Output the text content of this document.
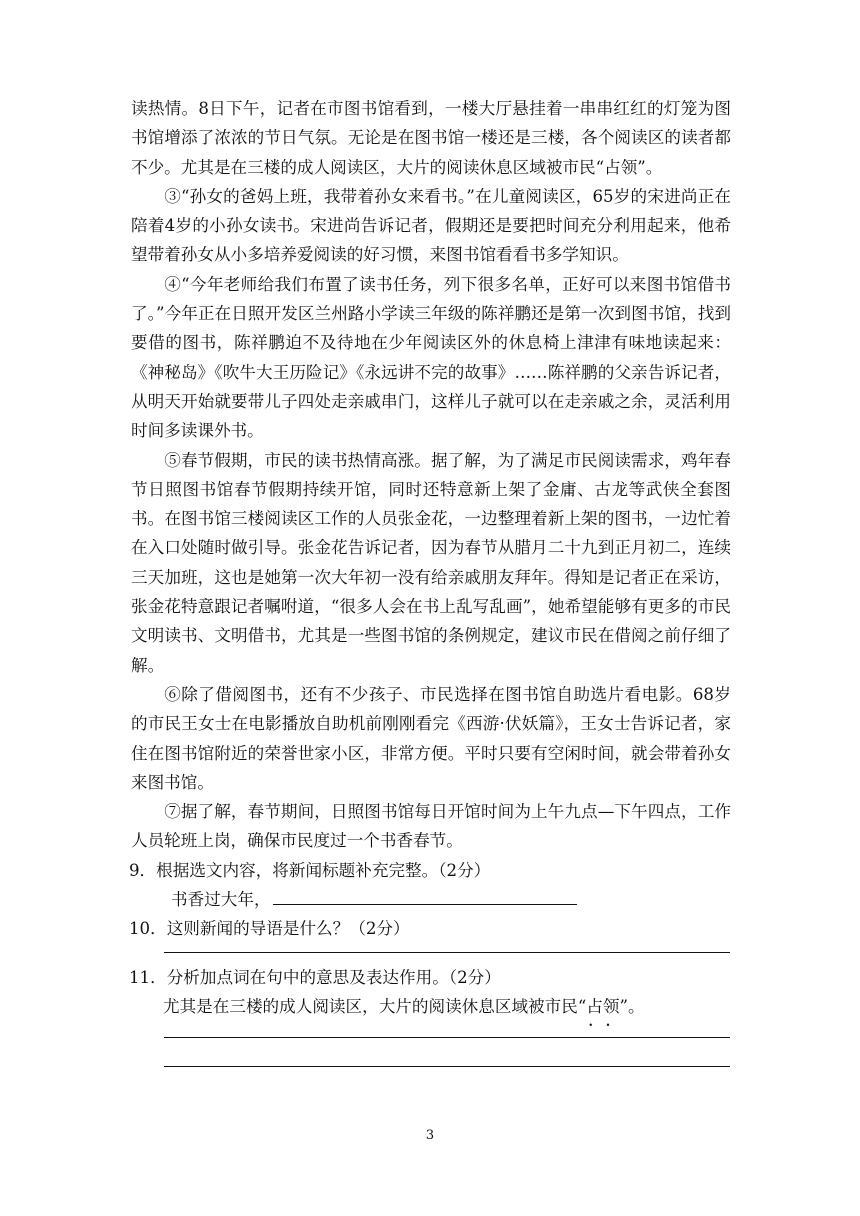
读热情。8日下午，记者在市图书馆看到，一楼大厅悬挂着一串串红红的灯笼为图书馆增添了浓浓的节日气氛。无论是在图书馆一楼还是三楼，各个阅读区的读者都不少。尤其是在三楼的成人阅读区，大片的阅读休息区域被市民“占领”。

③“孙女的爸妈上班，我带着孙女来看书。”在儿童阅读区，65岁的宋进尚正在陪着4岁的小孙女读书。宋进尚告诉记者，假期还是要把时间充分利用起来，他希望带着孙女从小多培养爱阅读的好习惯，来图书馆看看书多学知识。

④“今年老师给我们布置了读书任务，列下很多名单，正好可以来图书馆借书了。”今年正在日照开发区兰州路小学读三年级的陈祥鹏还是第一次到图书馆，找到要借的图书，陈祥鹏迫不及待地在少年阅读区外的休息椅上津津有味地读起来：《神秘岛》《吹牛大王历险记》《永远讲不完的故事》……陈祥鹏的父亲告诉记者，从明天开始就要带儿子四处走亲戚串门，这样儿子就可以在走亲戚之余，灵活利用时间多读课外书。

⑤春节假期，市民的读书热情高涨。据了解，为了满足市民阅读需求，鸡年春节日照图书馆春节假期持续开馆，同时还特意新上架了金庸、古龙等武侠全套图书。在图书馆三楼阅读区工作的人员张金花，一边整理着新上架的图书，一边忙着在入口处随时做引导。张金花告诉记者，因为春节从腊月二十九到正月初二，连续三天加班，这也是她第一次大年初一没有给亲戚朋友拜年。得知是记者正在采访，张金花特意跟记者嘱咐道，“很多人会在书上乱写乱画”，她希望能够有更多的市民文明读书、文明借书，尤其是一些图书馆的条例规定，建议市民在借阅之前仔细了解。

⑥除了借阅图书，还有不少孩子、市民选择在图书馆自助选片看电影。68岁的市民王女士在电影播放自助机前刚刚看完《西游·伏妖篇》，王女士告诉记者，家住在图书馆附近的荣誉世家小区，非常方便。平时只要有空闲时间，就会带着孙女来图书馆。

⑦据了解，春节期间，日照图书馆每日开馆时间为上午九点—下午四点，工作人员轮班上岗，确保市民度过一个书香春节。

9．根据选文内容，将新闻标题补充完整。（2分）

书香过大年，

10．这则新闻的导语是什么？（2分）

11．分析加点词在句中的意思及表达作用。（2分）

尤其是在三楼的成人阅读区，大片的阅读休息区域被市民“占领 • •”。

3
